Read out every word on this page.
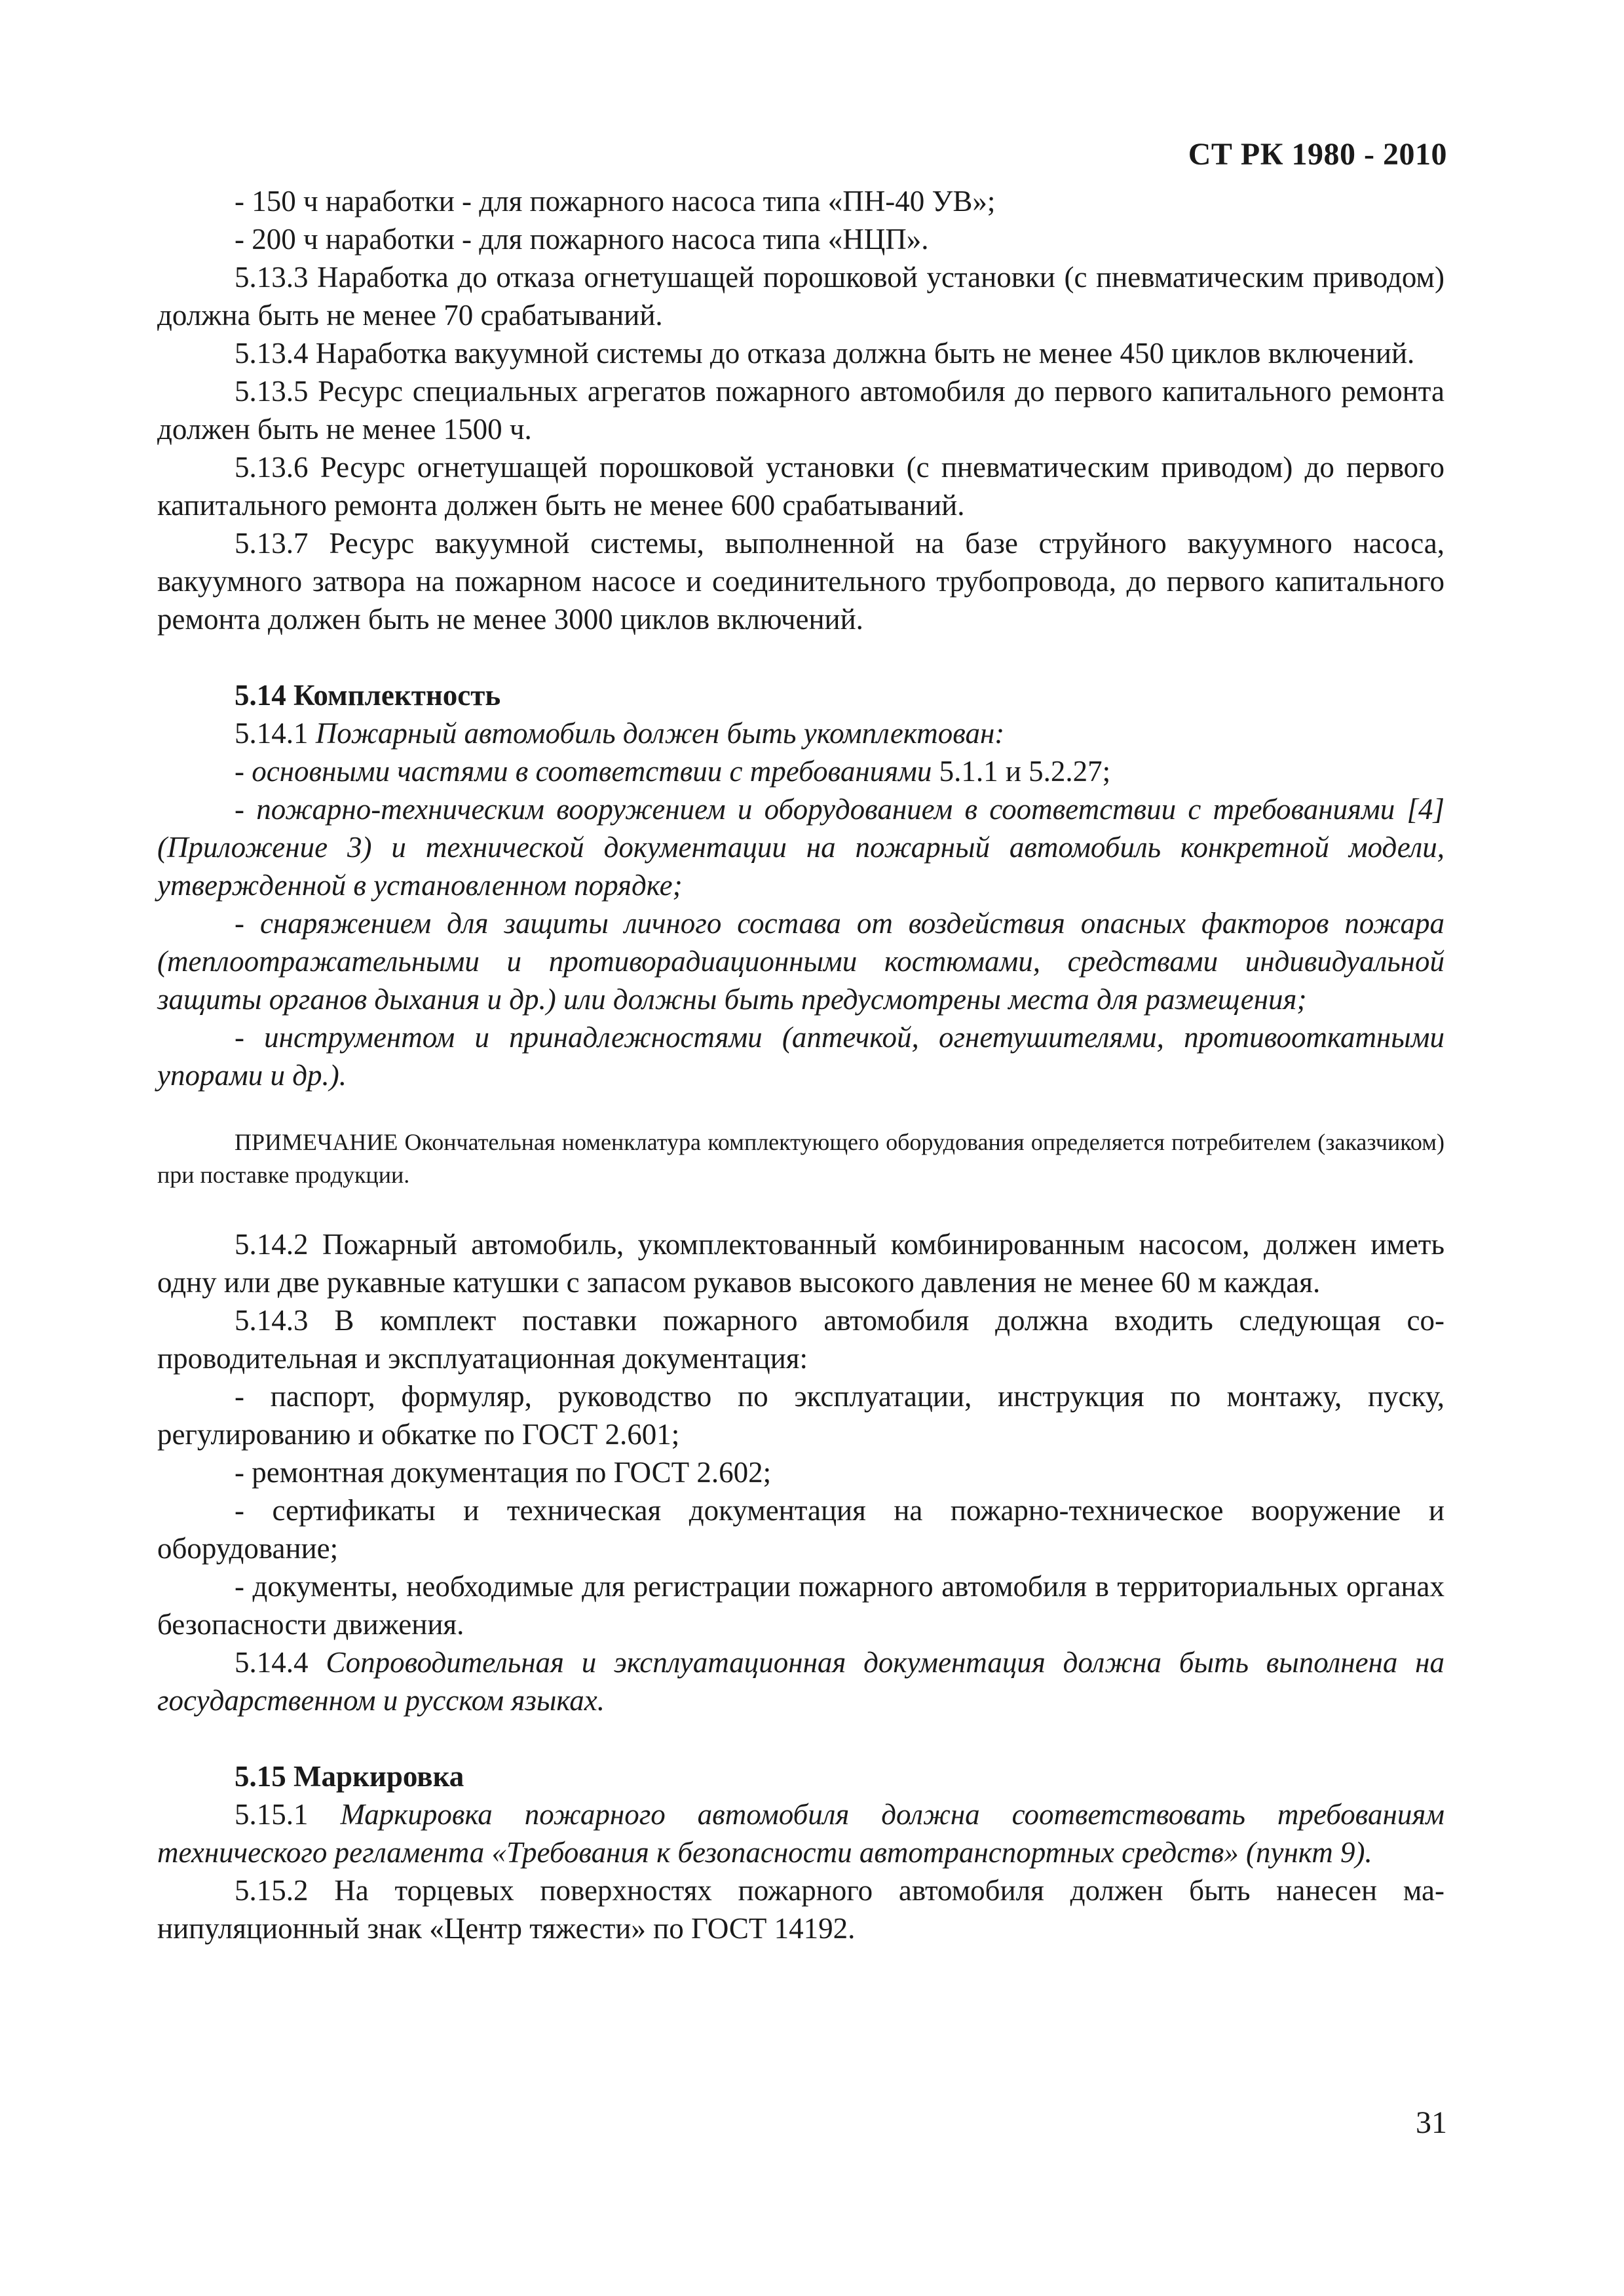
СТ РК 1980 - 2010

- 150 ч наработки - для пожарного насоса типа «ПН-40 УВ»;

- 200 ч наработки - для пожарного насоса типа «НЦП».

5.13.3 Наработка до отказа огнетушащей порошковой установки (с пневматическим приводом) должна быть не менее 70 срабатываний.

5.13.4 Наработка вакуумной системы до отказа должна быть не менее 450 циклов включений.

5.13.5 Ресурс специальных агрегатов пожарного автомобиля до первого капитального ремонта должен быть не менее 1500 ч.

5.13.6 Ресурс огнетушащей порошковой установки (с пневматическим приводом) до первого капитального ремонта должен быть не менее 600 срабатываний.

5.13.7 Ресурс вакуумной системы, выполненной на базе струйного вакуумного насоса, вакуумного затвора на пожарном насосе и соединительного трубопровода, до первого капитального ремонта должен быть не менее 3000 циклов включений.

5.14 Комплектность

5.14.1 Пожарный автомобиль должен быть укомплектован:

- основными частями в соответствии с требованиями 5.1.1 и 5.2.27;

- пожарно-техническим вооружением и оборудованием в соответствии с требованиями [4] (Приложение 3) и технической документации на пожарный автомобиль конкретной модели, утвержденной в установленном порядке;

- снаряжением для защиты личного состава от воздействия опасных факторов пожара (теплоотражательными и противорадиационными костюмами, средствами индивидуальной защиты органов дыхания и др.) или должны быть предусмотрены места для размещения;

- инструментом и принадлежностями (аптечкой, огнетушителями, противооткатными упорами и др.).

ПРИМЕЧАНИЕ Окончательная номенклатура комплектующего оборудования определяется потребителем (заказчиком) при поставке продукции.

5.14.2 Пожарный автомобиль, укомплектованный комбинированным насосом, должен иметь одну или две рукавные катушки с запасом рукавов высокого давления не менее 60 м каждая.

5.14.3 В комплект поставки пожарного автомобиля должна входить следующая сопроводительная и эксплуатационная документация:

- паспорт, формуляр, руководство по эксплуатации, инструкция по монтажу, пуску, регулированию и обкатке по ГОСТ 2.601;

- ремонтная документация по ГОСТ 2.602;

- сертификаты и техническая документация на пожарно-техническое вооружение и оборудование;

- документы, необходимые для регистрации пожарного автомобиля в территориальных органах безопасности движения.

5.14.4 Сопроводительная и эксплуатационная документация должна быть выполнена на государственном и русском языках.

5.15 Маркировка

5.15.1 Маркировка пожарного автомобиля должна соответствовать требованиям технического регламента «Требования к безопасности автотранспортных средств» (пункт 9).

5.15.2 На торцевых поверхностях пожарного автомобиля должен быть нанесен манипуляционный знак «Центр тяжести» по ГОСТ 14192.

31
